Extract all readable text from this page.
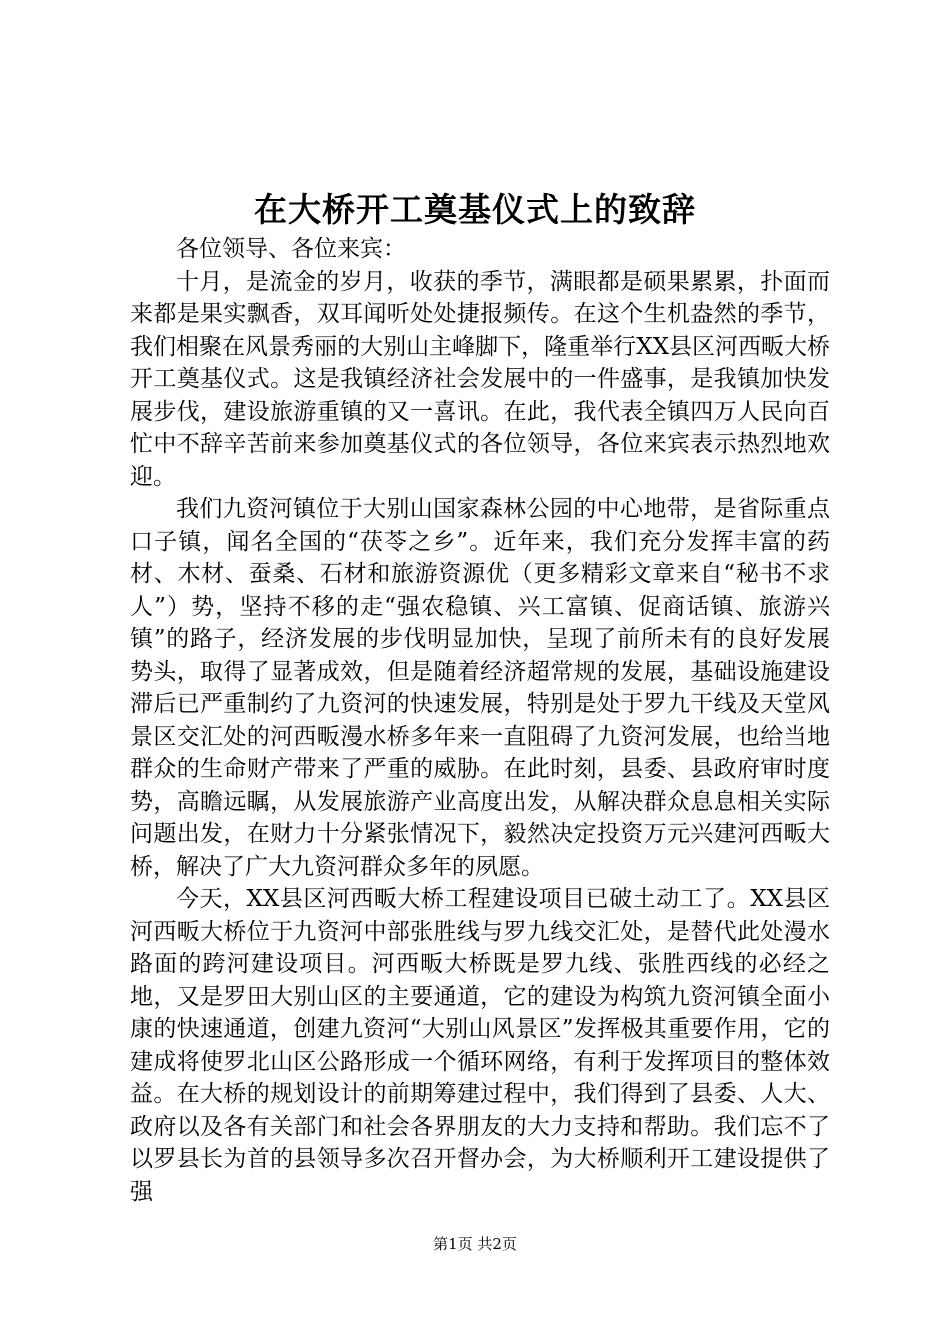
在大桥开工奠基仪式上的致辞

各位领导、各位来宾：

十月，是流金的岁月，收获的季节，满眼都是硕果累累，扑面而来都是果实飘香，双耳闻听处处捷报频传。在这个生机盎然的季节，我们相聚在风景秀丽的大别山主峰脚下，隆重举行XX县区河西畈大桥开工奠基仪式。这是我镇经济社会发展中的一件盛事，是我镇加快发展步伐，建设旅游重镇的又一喜讯。在此，我代表全镇四万人民向百忙中不辞辛苦前来参加奠基仪式的各位领导，各位来宾表示热烈地欢迎。

我们九资河镇位于大别山国家森林公园的中心地带，是省际重点口子镇，闻名全国的“茯苓之乡”。近年来，我们充分发挥丰富的药材、木材、蚕桑、石材和旅游资源优（更多精彩文章来自“秘书不求人”）势，坚持不移的走“强农稳镇、兴工富镇、促商话镇、旅游兴镇”的路子，经济发展的步伐明显加快，呈现了前所未有的良好发展势头，取得了显著成效，但是随着经济超常规的发展，基础设施建设滞后已严重制约了九资河的快速发展，特别是处于罗九干线及天堂风景区交汇处的河西畈漫水桥多年来一直阻碍了九资河发展，也给当地群众的生命财产带来了严重的威胁。在此时刻，县委、县政府审时度势，高瞻远瞩，从发展旅游产业高度出发，从解决群众息息相关实际问题出发，在财力十分紧张情况下，毅然决定投资万元兴建河西畈大桥，解决了广大九资河群众多年的夙愿。

今天，XX县区河西畈大桥工程建设项目已破土动工了。XX县区河西畈大桥位于九资河中部张胜线与罗九线交汇处，是替代此处漫水路面的跨河建设项目。河西畈大桥既是罗九线、张胜西线的必经之地，又是罗田大别山区的主要通道，它的建设为构筑九资河镇全面小康的快速通道，创建九资河“大别山风景区”发挥极其重要作用，它的建成将使罗北山区公路形成一个循环网络，有利于发挥项目的整体效益。在大桥的规划设计的前期筹建过程中，我们得到了县委、人大、政府以及各有关部门和社会各界朋友的大力支持和帮助。我们忘不了以罗县长为首的县领导多次召开督办会，为大桥顺利开工建设提供了强

第1页 共2页
